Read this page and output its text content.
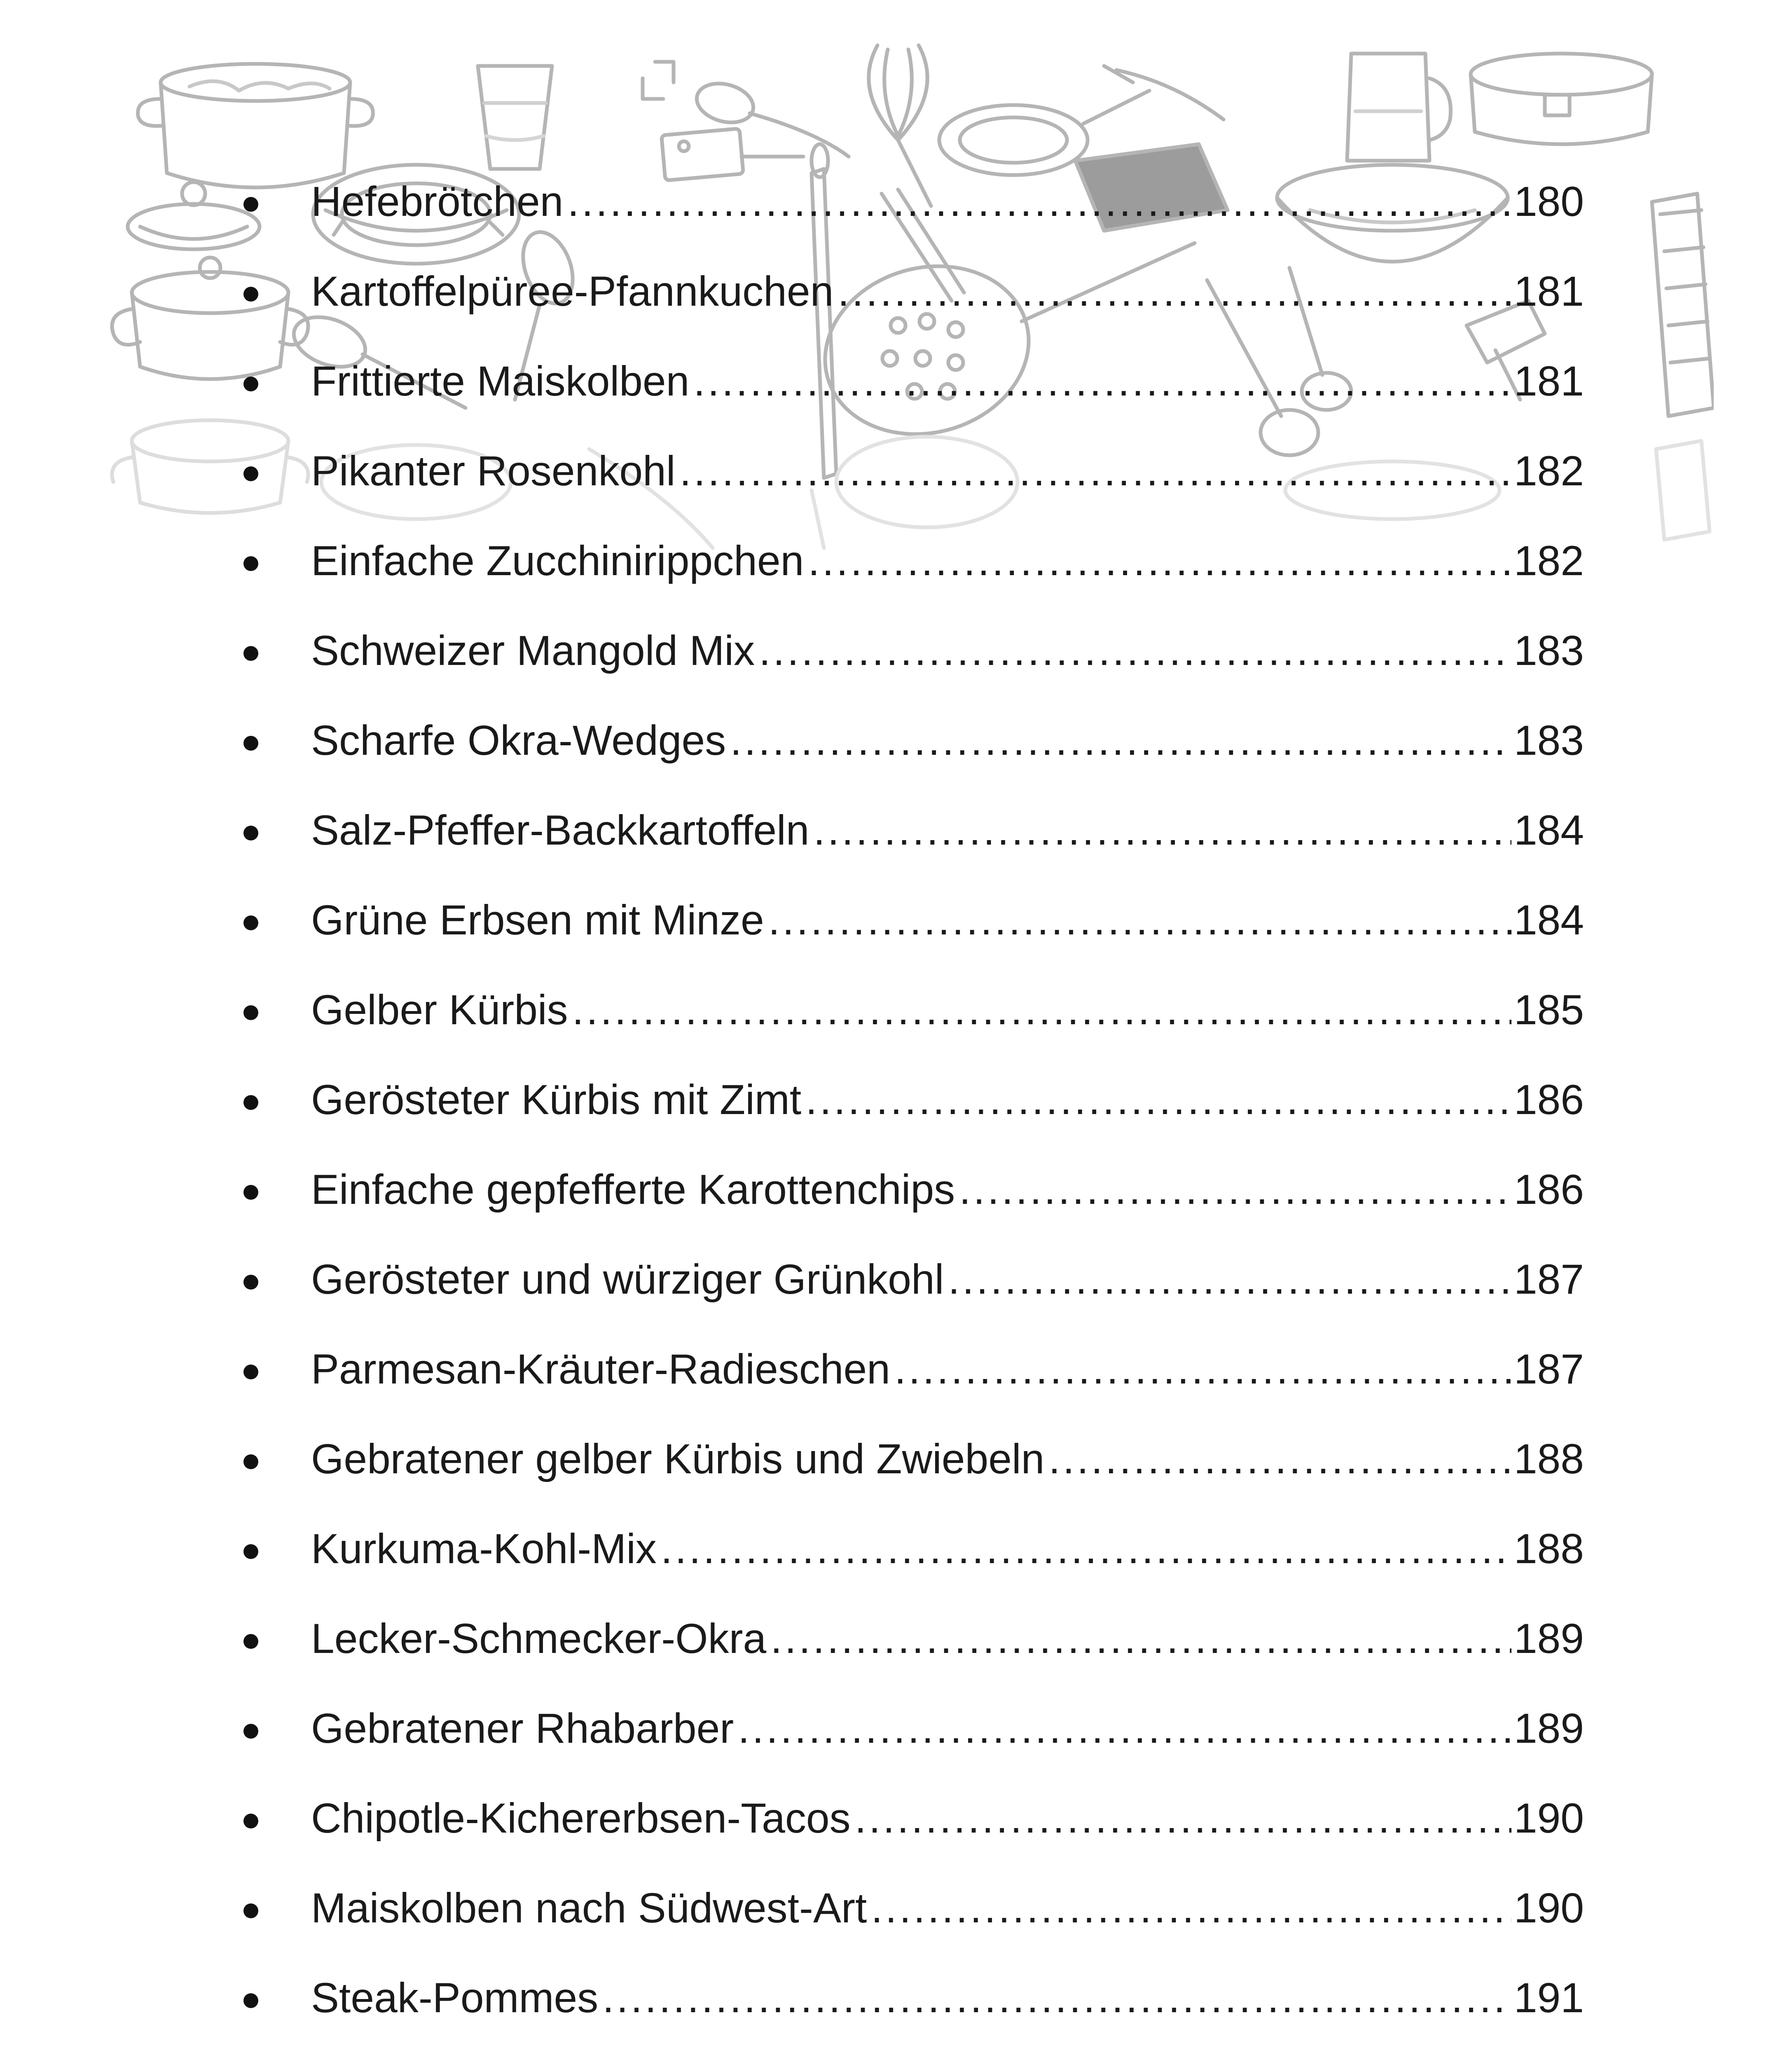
Hefebrötchen .....	180
Kartoffelpüree-Pfannkuchen .....	181
Frittierte Maiskolben .....	181
Pikanter Rosenkohl .....	182
Einfache Zucchinirippchen .....	182
Schweizer Mangold Mix .....	183
Scharfe Okra-Wedges .....	183
Salz-Pfeffer-Backkartoffeln .....	184
Grüne Erbsen mit Minze .....	184
Gelber Kürbis .....	185
Gerösteter Kürbis mit Zimt .....	186
Einfache gepfefferte Karottenchips .....	186
Gerösteter und würziger Grünkohl .....	187
Parmesan-Kräuter-Radieschen .....	187
Gebratener gelber Kürbis und Zwiebeln .....	188
Kurkuma-Kohl-Mix .....	188
Lecker-Schmecker-Okra .....	189
Gebratener Rhabarber .....	189
Chipotle-Kichererbsen-Tacos .....	190
Maiskolben nach Südwest-Art .....	190
Steak-Pommes .....	191
